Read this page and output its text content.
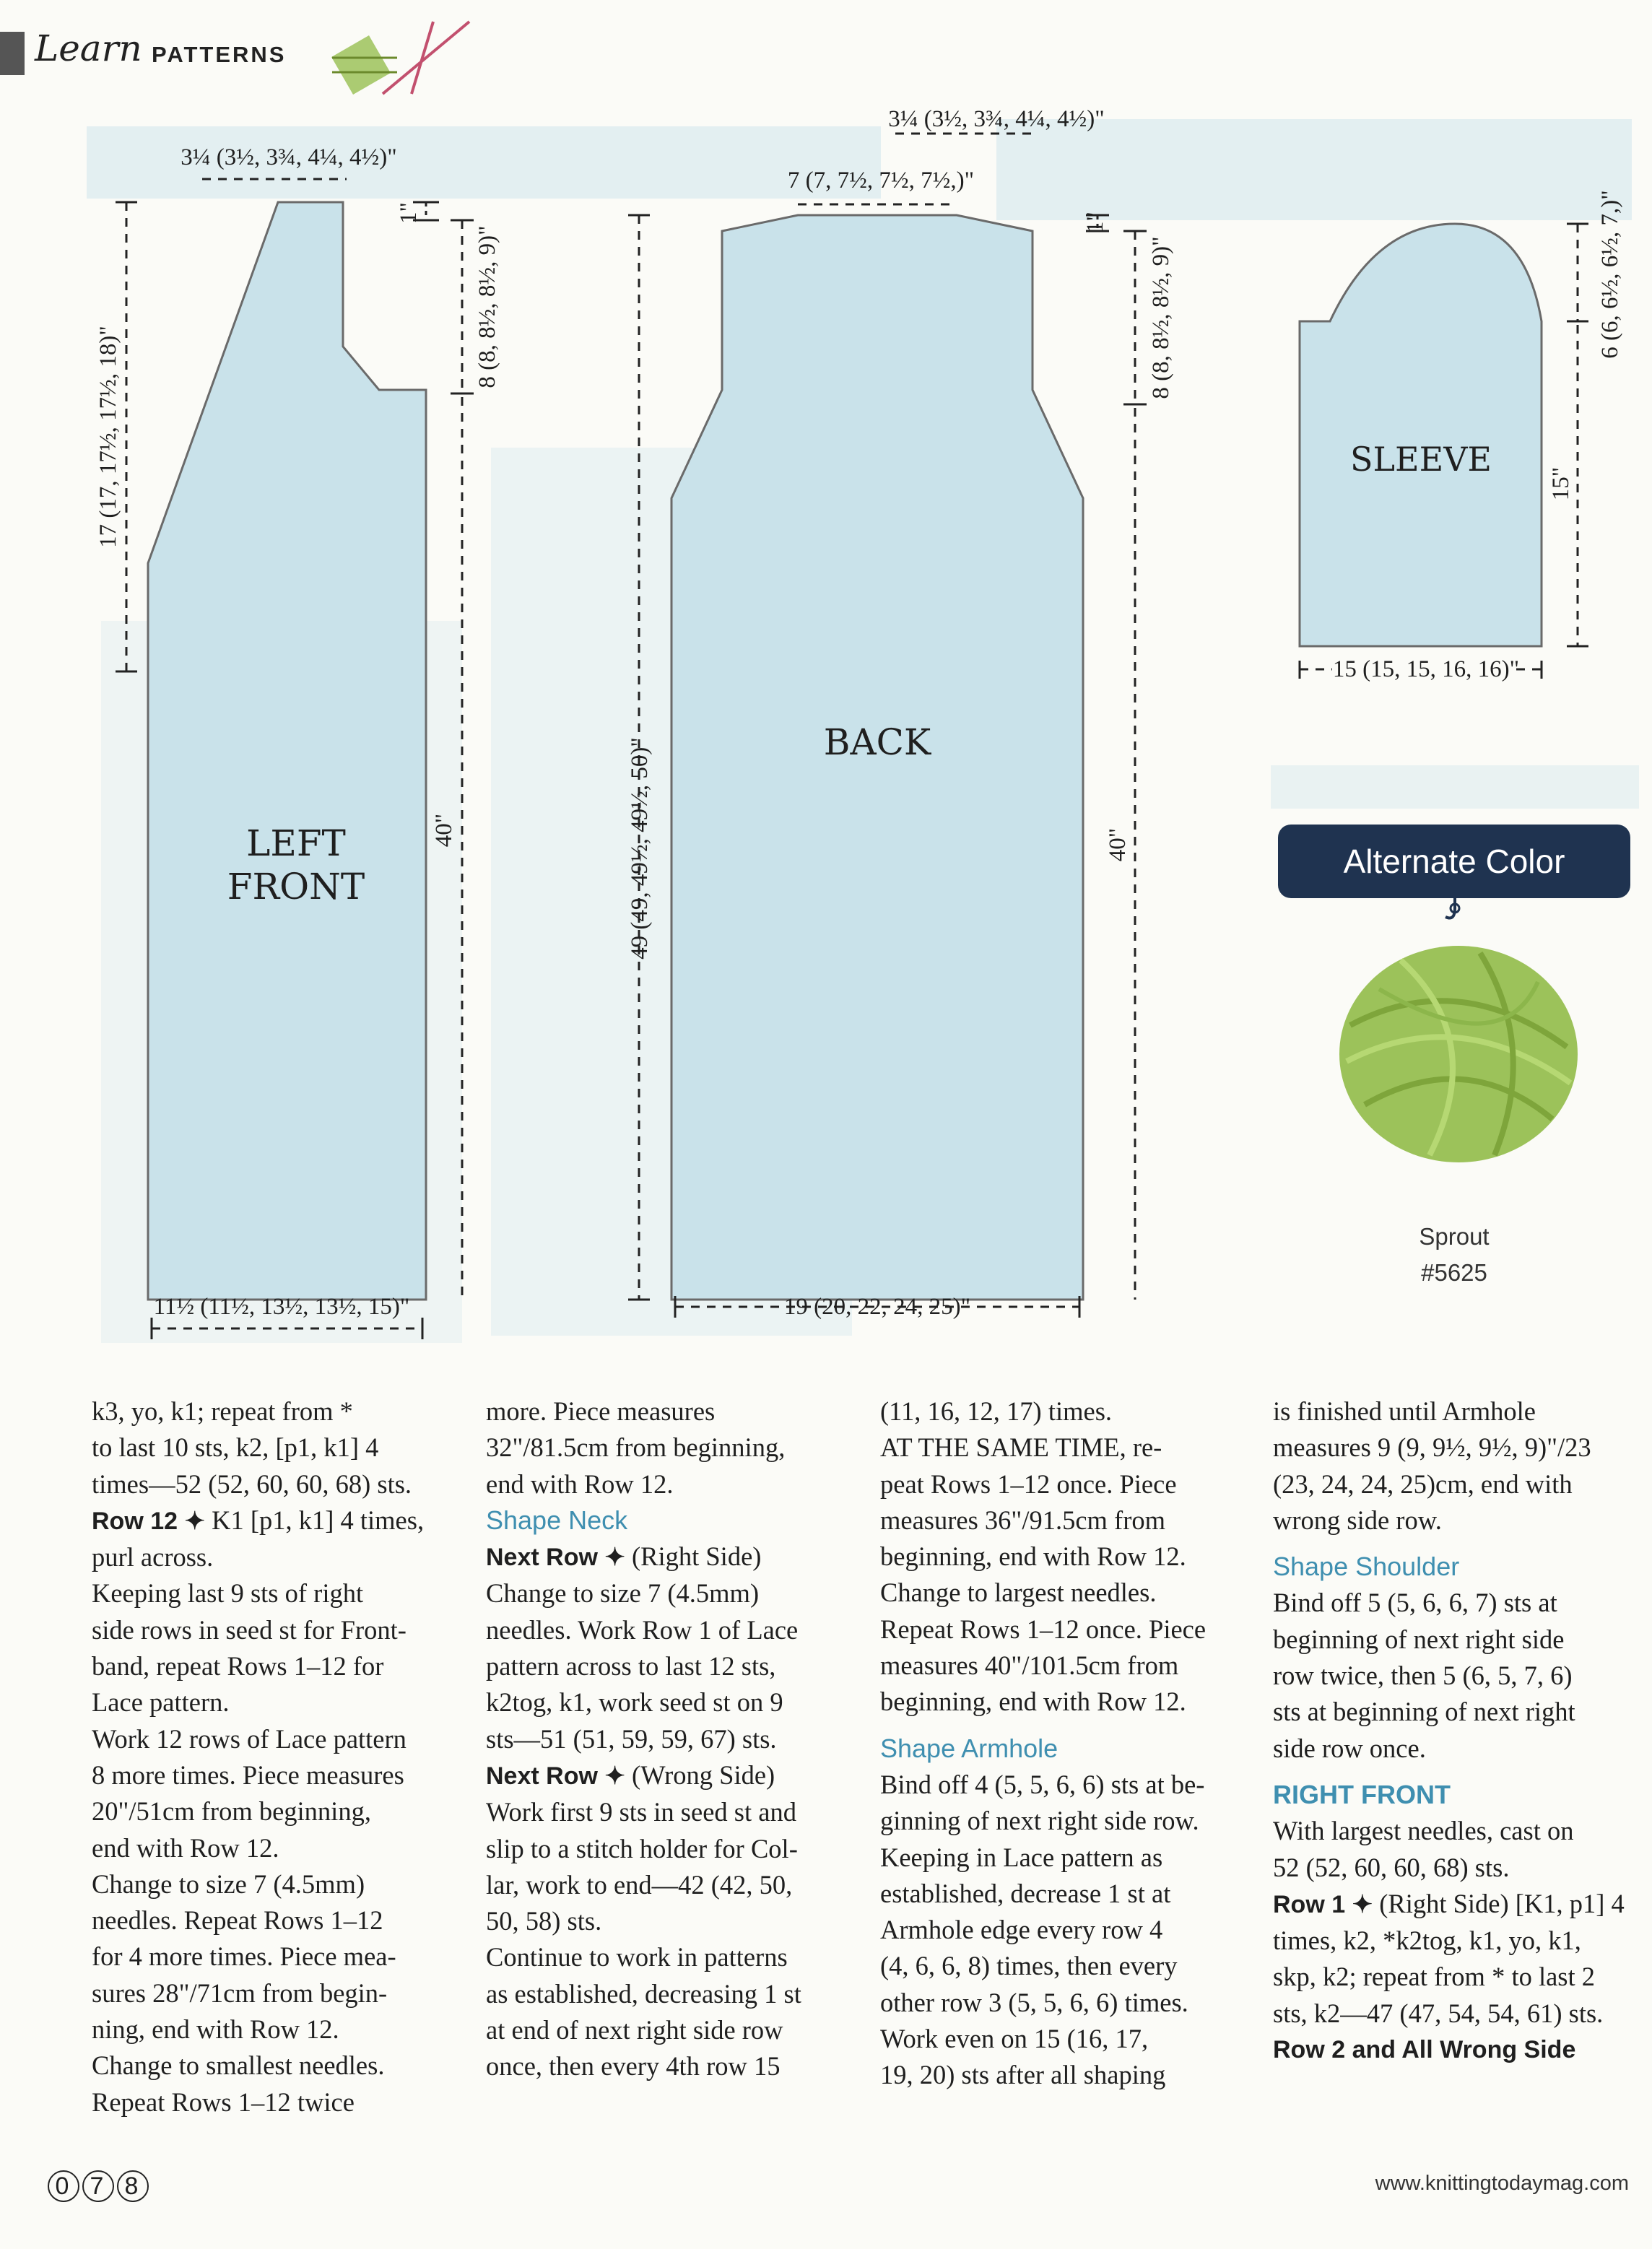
Learn PATTERNS
LEFT
FRONT
3¼ (3½, 3¾, 4¼, 4½)"
1"
8 (8, 8½, 8½, 9)"
17 (17, 17½, 17½, 18)"
40"
11½ (11½, 13½, 13½, 15)"
BACK
3¼ (3½, 3¾, 4¼, 4½)"
7 (7, 7½, 7½, 7½,)"
1"
8 (8, 8½, 8½, 9)"
49 (49, 49½, 49½, 50)"	40"
19 (20, 22, 24, 25)"
SLEEVE
6 (6, 6½, 6½, 7,)"
15"
15 (15, 15, 16, 16)"
Alternate Color
Sprout
#5625

k3, yo, k1; repeat from *

to last 10 sts, k2, [p1, k1] 4

times—52 (52, 60, 60, 68) sts.

Row 12 ✦ K1 [p1, k1] 4 times,

purl across.

Keeping last 9 sts of right

side rows in seed st for Front-

band, repeat Rows 1–12 for

Lace pattern.

Work 12 rows of Lace pattern

8 more times. Piece measures

20"/51cm from beginning,

end with Row 12.

Change to size 7 (4.5mm)

needles. Repeat Rows 1–12

for 4 more times. Piece mea-

sures 28"/71cm from begin-

ning, end with Row 12.

Change to smallest needles.

Repeat Rows 1–12 twice

more. Piece measures

32"/81.5cm from beginning,

end with Row 12.

Shape Neck

Next Row ✦ (Right Side)

Change to size 7 (4.5mm)

needles. Work Row 1 of Lace

pattern across to last 12 sts,

k2tog, k1, work seed st on 9

sts—51 (51, 59, 59, 67) sts.

Next Row ✦ (Wrong Side)

Work first 9 sts in seed st and

slip to a stitch holder for Col-

lar, work to end—42 (42, 50,

50, 58) sts.

Continue to work in patterns

as established, decreasing 1 st

at end of next right side row

once, then every 4th row 15

(11, 16, 12, 17) times.

AT THE SAME TIME, re-

peat Rows 1–12 once. Piece

measures 36"/91.5cm from

beginning, end with Row 12.

Change to largest needles.

Repeat Rows 1–12 once. Piece

measures 40"/101.5cm from

beginning, end with Row 12.

Shape Armhole

Bind off 4 (5, 5, 6, 6) sts at be-

ginning of next right side row.

Keeping in Lace pattern as

established, decrease 1 st at

Armhole edge every row 4

(4, 6, 6, 8) times, then every

other row 3 (5, 5, 6, 6) times.

Work even on 15 (16, 17,

19, 20) sts after all shaping

is finished until Armhole

measures 9 (9, 9½, 9½, 9)"/23

(23, 24, 24, 25)cm, end with

wrong side row.

Shape Shoulder

Bind off 5 (5, 6, 6, 7) sts at

beginning of next right side

row twice, then 5 (6, 5, 7, 6)

sts at beginning of next right

side row once.

RIGHT FRONT

With largest needles, cast on

52 (52, 60, 60, 68) sts.

Row 1 ✦ (Right Side) [K1, p1] 4

times, k2, *k2tog, k1, yo, k1,

skp, k2; repeat from * to last 2

sts, k2—47 (47, 54, 54, 61) sts.

Row 2 and All Wrong Side

0 7 8	www.knittingtodaymag.com
